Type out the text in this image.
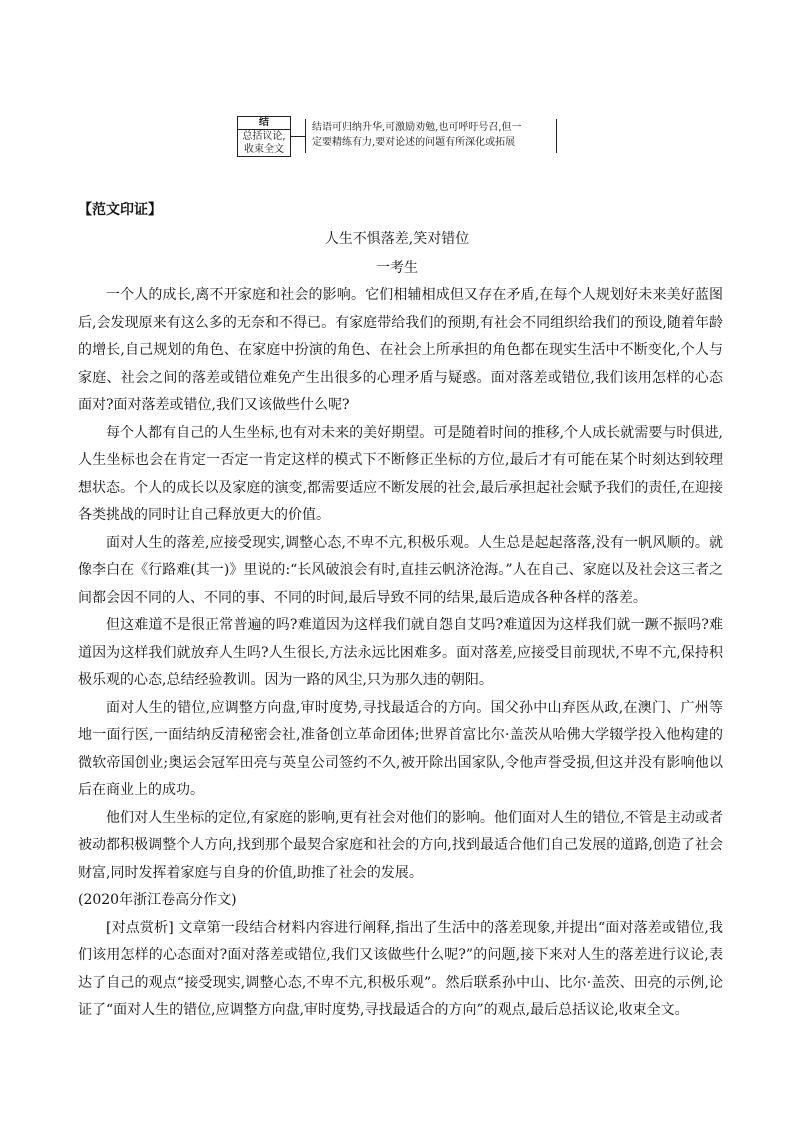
结
总括议论,
收束全文
结语可归纳升华,可激励劝勉,也可呼吁号召,但一
定要精练有力,要对论述的问题有所深化或拓展
【范文印证】
人生不惧落差,笑对错位
一考生

一个人的成长,离不开家庭和社会的影响。它们相辅相成但又存在矛盾,在每个人规划好未来美好蓝图后,会发现原来有这么多的无奈和不得已。有家庭带给我们的预期,有社会不同组织给我们的预设,随着年龄的增长,自己规划的角色、在家庭中扮演的角色、在社会上所承担的角色都在现实生活中不断变化,个人与家庭、社会之间的落差或错位难免产生出很多的心理矛盾与疑惑。面对落差或错位,我们该用怎样的心态面对?面对落差或错位,我们又该做些什么呢?

每个人都有自己的人生坐标,也有对未来的美好期望。可是随着时间的推移,个人成长就需要与时俱进,人生坐标也会在肯定一否定一肯定这样的模式下不断修正坐标的方位,最后才有可能在某个时刻达到较理想状态。个人的成长以及家庭的演变,都需要适应不断发展的社会,最后承担起社会赋予我们的责任,在迎接各类挑战的同时让自己释放更大的价值。

面对人生的落差,应接受现实,调整心态,不卑不亢,积极乐观。人生总是起起落落,没有一帆风顺的。就像李白在《行路难(其一)》里说的:“长风破浪会有时,直挂云帆济沧海。”人在自己、家庭以及社会这三者之间都会因不同的人、不同的事、不同的时间,最后导致不同的结果,最后造成各种各样的落差。

但这难道不是很正常普遍的吗?难道因为这样我们就自怨自艾吗?难道因为这样我们就一蹶不振吗?难道因为这样我们就放弃人生吗?人生很长,方法永远比困难多。面对落差,应接受目前现状,不卑不亢,保持积极乐观的心态,总结经验教训。因为一路的风尘,只为那久违的朝阳。

面对人生的错位,应调整方向盘,审时度势,寻找最适合的方向。国父孙中山弃医从政,在澳门、广州等地一面行医,一面结纳反清秘密会社,准备创立革命团体;世界首富比尔·盖茨从哈佛大学辍学投入他构建的微软帝国创业;奥运会冠军田亮与英皇公司签约不久,被开除出国家队,令他声誉受损,但这并没有影响他以后在商业上的成功。

他们对人生坐标的定位,有家庭的影响,更有社会对他们的影响。他们面对人生的错位,不管是主动或者被动都积极调整个人方向,找到那个最契合家庭和社会的方向,找到最适合他们自己发展的道路,创造了社会财富,同时发挥着家庭与自身的价值,助推了社会的发展。

(2020年浙江卷高分作文)

[对点赏析] 文章第一段结合材料内容进行阐释,指出了生活中的落差现象,并提出“面对落差或错位,我们该用怎样的心态面对?面对落差或错位,我们又该做些什么呢?”的问题,接下来对人生的落差进行议论,表达了自己的观点“接受现实,调整心态,不卑不亢,积极乐观”。然后联系孙中山、比尔·盖茨、田亮的示例,论证了“面对人生的错位,应调整方向盘,审时度势,寻找最适合的方向”的观点,最后总括议论,收束全文。
